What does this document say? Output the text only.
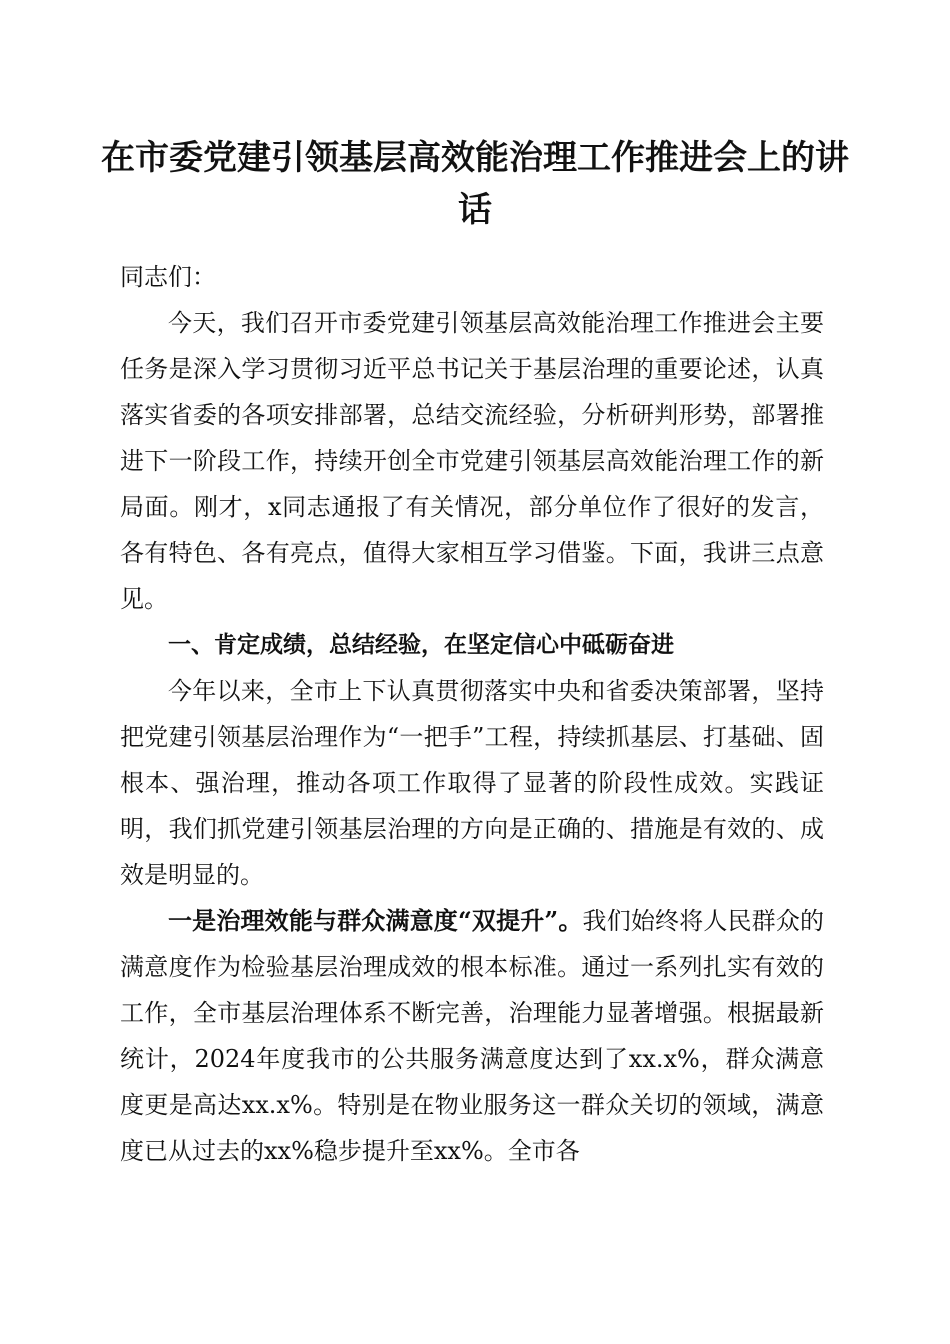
在市委党建引领基层高效能治理工作推进会上的讲话

同志们：

今天，我们召开市委党建引领基层高效能治理工作推进会主要任务是深入学习贯彻习近平总书记关于基层治理的重要论述，认真落实省委的各项安排部署，总结交流经验，分析研判形势，部署推进下一阶段工作，持续开创全市党建引领基层高效能治理工作的新局面。刚才，x同志通报了有关情况，部分单位作了很好的发言，各有特色、各有亮点，值得大家相互学习借鉴。下面，我讲三点意见。

一、肯定成绩，总结经验，在坚定信心中砥砺奋进

今年以来，全市上下认真贯彻落实中央和省委决策部署，坚持把党建引领基层治理作为“一把手”工程，持续抓基层、打基础、固根本、强治理，推动各项工作取得了显著的阶段性成效。实践证明，我们抓党建引领基层治理的方向是正确的、措施是有效的、成效是明显的。

一是治理效能与群众满意度“双提升”。我们始终将人民群众的满意度作为检验基层治理成效的根本标准。通过一系列扎实有效的工作，全市基层治理体系不断完善，治理能力显著增强。根据最新统计，2024年度我市的公共服务满意度达到了xx.x%，群众满意度更是高达xx.x%。特别是在物业服务这一群众关切的领域，满意度已从过去的xx%稳步提升至xx%。全市各
